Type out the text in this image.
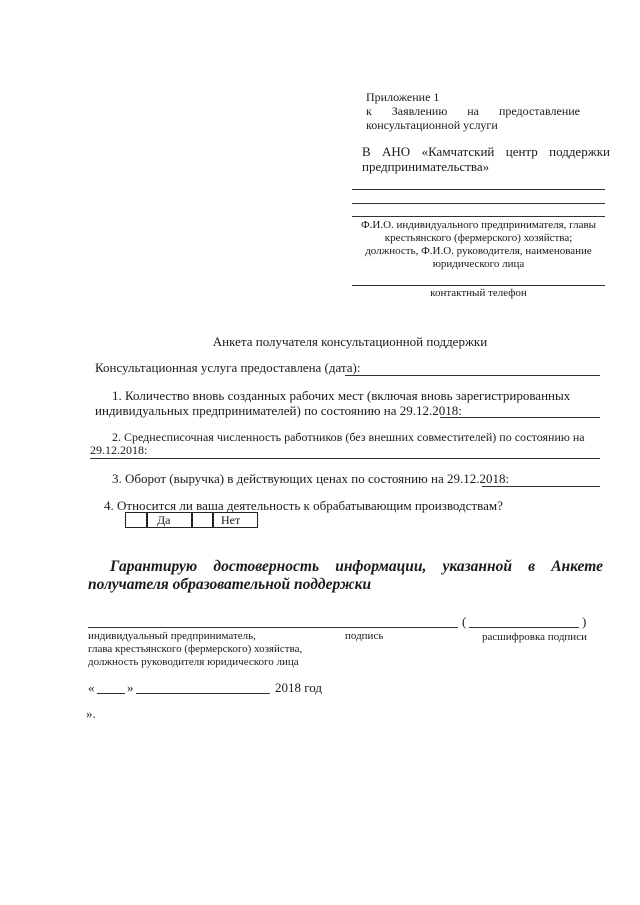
Приложение 1
к Заявлению на предоставление
консультационной услуги
В АНО «Камчатский центр поддержки
предпринимательства»
Ф.И.О. индивидуального предпринимателя, главы
крестьянского (фермерского) хозяйства;
должность, Ф.И.О. руководителя, наименование
юридического лица
контактный телефон
Анкета получателя консультационной поддержки
Консультационная услуга предоставлена (дата):
1. Количество вновь созданных рабочих мест (включая вновь зарегистрированных
индивидуальных предпринимателей) по состоянию на 29.12.2018:
2. Среднесписочная численность работников (без внешних совместителей) по состоянию на
29.12.2018:
3. Оборот (выручка) в действующих ценах по состоянию на 29.12.2018:
4. Относится ли ваша деятельность к обрабатывающим производствам?
Да	Нет
Гарантирую достоверность информации, указанной в Анкете
получателя образовательной поддержки
(	)
индивидуальный предприниматель,
глава крестьянского (фермерского) хозяйства,
должность руководителя юридического лица
подпись	расшифровка подписи
«	»	2018 год
».
